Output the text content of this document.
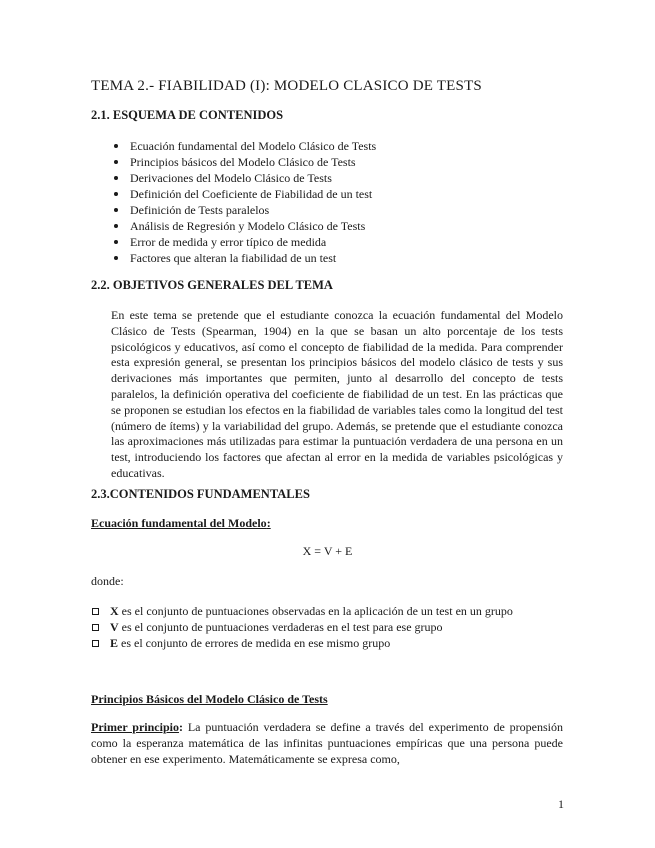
TEMA 2.- FIABILIDAD (I): MODELO CLASICO DE TESTS
2.1. ESQUEMA DE CONTENIDOS
Ecuación fundamental del Modelo Clásico de Tests
Principios básicos del Modelo Clásico de Tests
Derivaciones del Modelo Clásico de Tests
Definición del Coeficiente de Fiabilidad de un test
Definición de Tests paralelos
Análisis de Regresión y Modelo Clásico de Tests
Error de medida y error típico de medida
Factores que alteran la fiabilidad de un test
2.2. OBJETIVOS GENERALES DEL TEMA
En este tema se pretende que el estudiante conozca la ecuación fundamental del Modelo Clásico de Tests (Spearman, 1904) en la que se basan un alto porcentaje de los tests psicológicos y educativos, así como el concepto de fiabilidad de la medida. Para comprender esta expresión general, se presentan los principios básicos del modelo clásico de tests y sus derivaciones más importantes que permiten, junto al desarrollo del concepto de tests paralelos, la definición operativa del coeficiente de fiabilidad de un test. En las prácticas que se proponen se estudian los efectos en la fiabilidad de variables tales como la longitud del test (número de ítems) y la variabilidad del grupo. Además, se pretende que el estudiante conozca las aproximaciones más utilizadas para estimar la puntuación verdadera de una persona en un test, introduciendo los factores que afectan al error en la medida de variables psicológicas y educativas.
2.3.CONTENIDOS FUNDAMENTALES
Ecuación fundamental del Modelo:
X = V + E
donde:
X es el conjunto de puntuaciones observadas en la aplicación de un test en un grupo
V es el conjunto de puntuaciones verdaderas en el test para ese grupo
E es el conjunto de errores de medida en ese mismo grupo
Principios Básicos del Modelo Clásico de Tests
Primer principio: La puntuación verdadera se define a través del experimento de propensión como la esperanza matemática de las infinitas puntuaciones empíricas que una persona puede obtener en ese experimento. Matemáticamente se expresa como,
1
